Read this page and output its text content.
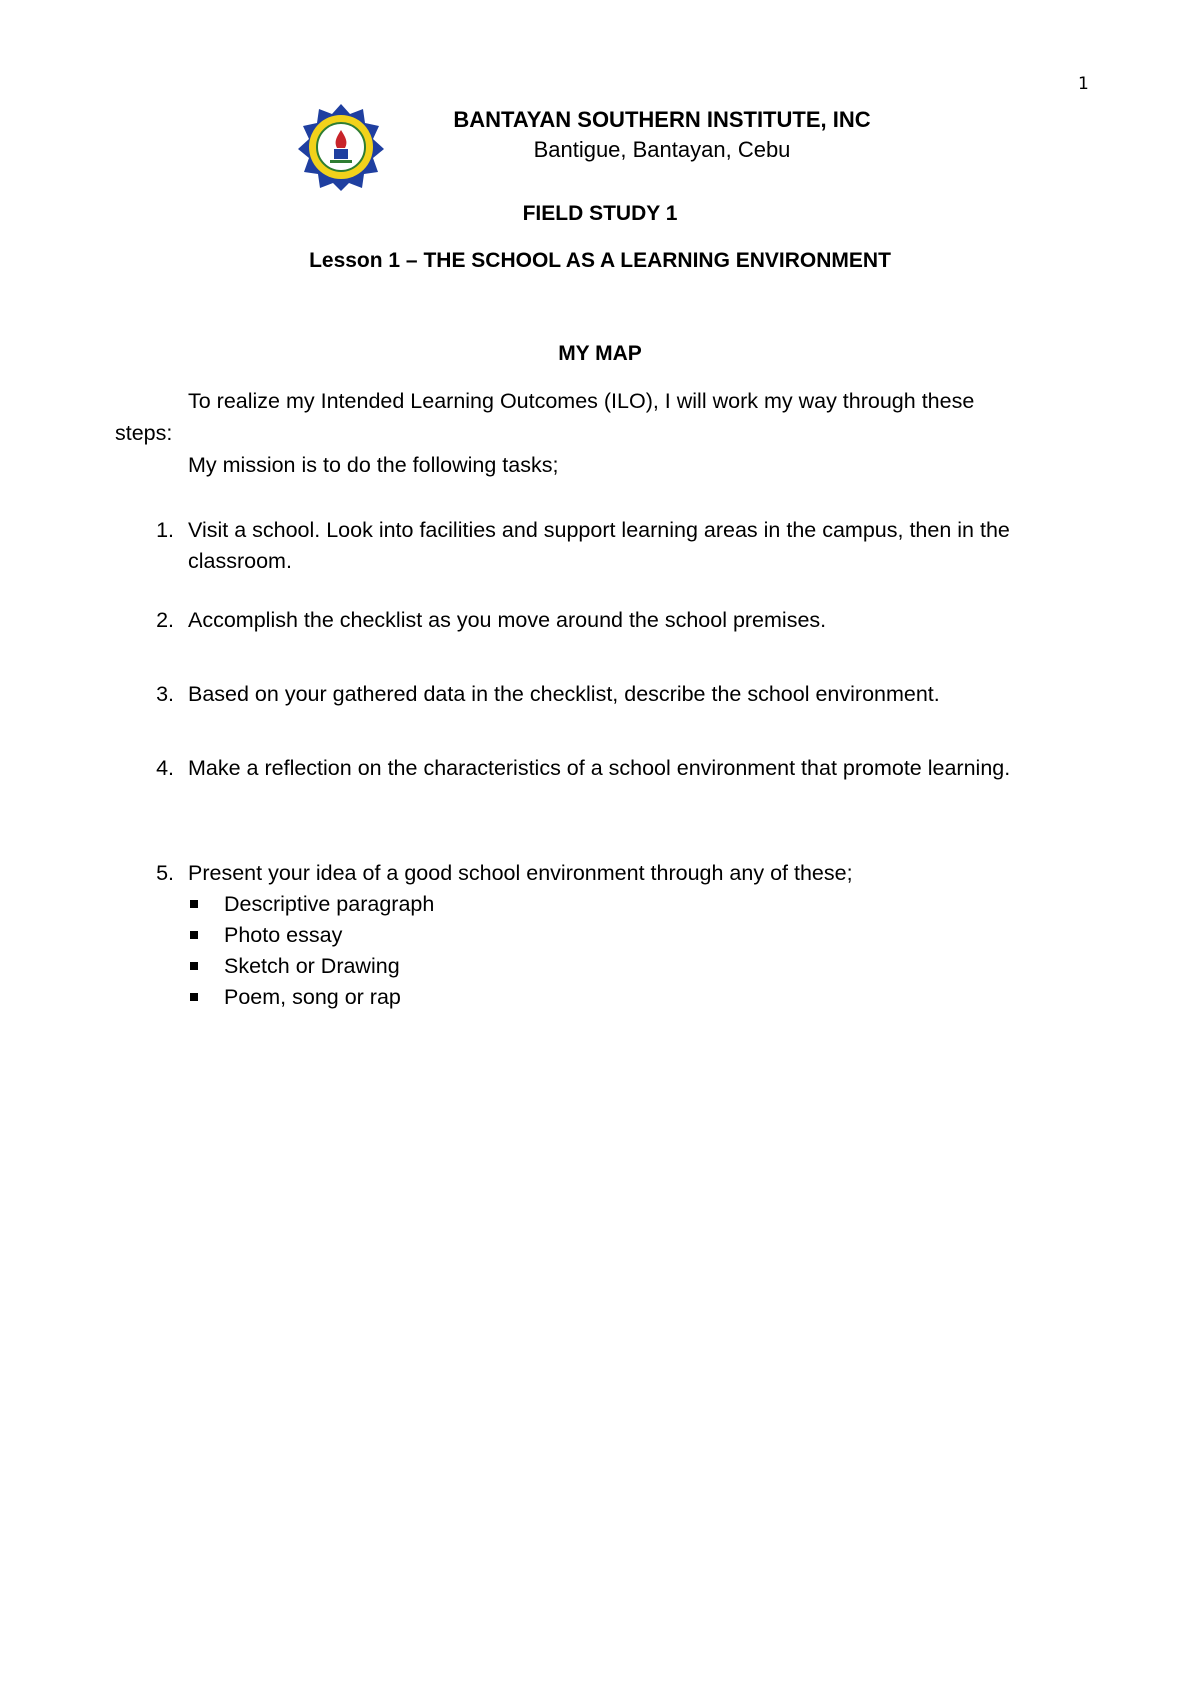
1
BANTAYAN SOUTHERN INSTITUTE, INC
Bantigue, Bantayan, Cebu
FIELD STUDY 1
Lesson 1 – THE SCHOOL AS A LEARNING ENVIRONMENT
MY MAP
To realize my Intended Learning Outcomes (ILO), I will work my way through these
steps:
My mission is to do the following tasks;
1. Visit a school. Look into facilities and support learning areas in the campus, then in the classroom.
2. Accomplish the checklist as you move around the school premises.
3. Based on your gathered data in the checklist, describe the school environment.
4. Make a reflection on the characteristics of a school environment that promote learning.
5. Present your idea of a good school environment through any of these;
Descriptive paragraph
Photo essay
Sketch or Drawing
Poem, song or rap
